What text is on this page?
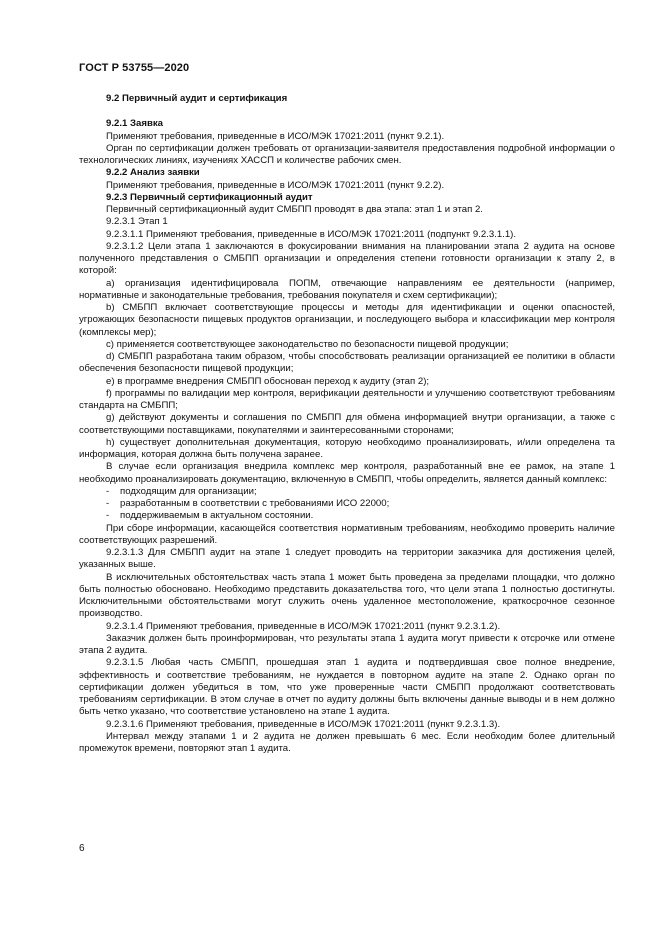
ГОСТ Р 53755—2020

9.2 Первичный аудит и сертификация

9.2.1 Заявка

Применяют требования, приведенные в ИСО/МЭК 17021:2011 (пункт 9.2.1).

Орган по сертификации должен требовать от организации-заявителя предоставления подробной информации о технологических линиях, изучениях ХАССП и количестве рабочих смен.

9.2.2 Анализ заявки

Применяют требования, приведенные в ИСО/МЭК 17021:2011 (пункт 9.2.2).

9.2.3 Первичный сертификационный аудит

Первичный сертификационный аудит СМБПП проводят в два этапа: этап 1 и этап 2.

9.2.3.1 Этап 1

9.2.3.1.1 Применяют требования, приведенные в ИСО/МЭК 17021:2011 (подпункт 9.2.3.1.1).

9.2.3.1.2 Цели этапа 1 заключаются в фокусировании внимания на планировании этапа 2 аудита на основе полученного представления о СМБПП организации и определения степени готовности организации к этапу 2, в которой:

a) организация идентифицировала ПОПМ, отвечающие направлениям ее деятельности (например, нормативные и законодательные требования, требования покупателя и схем сертификации);

b) СМБПП включает соответствующие процессы и методы для идентификации и оценки опасностей, угрожающих безопасности пищевых продуктов организации, и последующего выбора и классификации мер контроля (комплексы мер);

c) применяется соответствующее законодательство по безопасности пищевой продукции;

d) СМБПП разработана таким образом, чтобы способствовать реализации организацией ее политики в области обеспечения безопасности пищевой продукции;

e) в программе внедрения СМБПП обоснован переход к аудиту (этап 2);

f) программы по валидации мер контроля, верификации деятельности и улучшению соответствуют требованиям стандарта на СМБПП;

g) действуют документы и соглашения по СМБПП для обмена информацией внутри организации, а также с соответствующими поставщиками, покупателями и заинтересованными сторонами;

h) существует дополнительная документация, которую необходимо проанализировать, и/или определена та информация, которая должна быть получена заранее.

В случае если организация внедрила комплекс мер контроля, разработанный вне ее рамок, на этапе 1 необходимо проанализировать документацию, включенную в СМБПП, чтобы определить, является данный комплекс:

- подходящим для организации;

- разработанным в соответствии с требованиями ИСО 22000;

- поддерживаемым в актуальном состоянии.

При сборе информации, касающейся соответствия нормативным требованиям, необходимо проверить наличие соответствующих разрешений.

9.2.3.1.3 Для СМБПП аудит на этапе 1 следует проводить на территории заказчика для достижения целей, указанных выше.

В исключительных обстоятельствах часть этапа 1 может быть проведена за пределами площадки, что должно быть полностью обосновано. Необходимо представить доказательства того, что цели этапа 1 полностью достигнуты. Исключительными обстоятельствами могут служить очень удаленное местоположение, краткосрочное сезонное производство.

9.2.3.1.4 Применяют требования, приведенные в ИСО/МЭК 17021:2011 (пункт 9.2.3.1.2).

Заказчик должен быть проинформирован, что результаты этапа 1 аудита могут привести к отсрочке или отмене этапа 2 аудита.

9.2.3.1.5 Любая часть СМБПП, прошедшая этап 1 аудита и подтвердившая свое полное внедрение, эффективность и соответствие требованиям, не нуждается в повторном аудите на этапе 2. Однако орган по сертификации должен убедиться в том, что уже проверенные части СМБПП продолжают соответствовать требованиям сертификации. В этом случае в отчет по аудиту должны быть включены данные выводы и в нем должно быть четко указано, что соответствие установлено на этапе 1 аудита.

9.2.3.1.6 Применяют требования, приведенные в ИСО/МЭК 17021:2011 (пункт 9.2.3.1.3).

Интервал между этапами 1 и 2 аудита не должен превышать 6 мес. Если необходим более длительный промежуток времени, повторяют этап 1 аудита.

6
